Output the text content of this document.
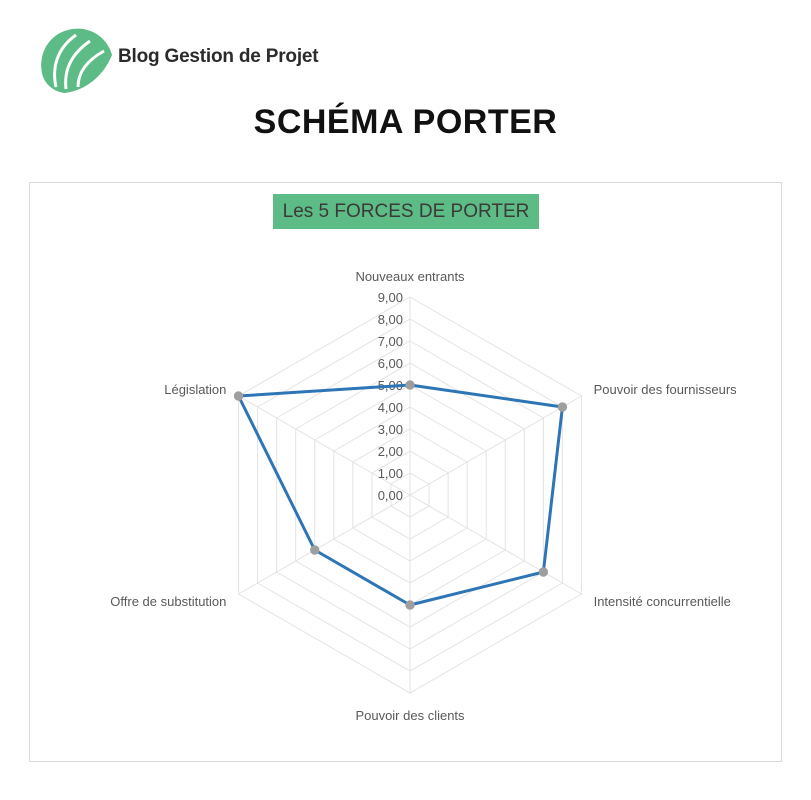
Blog Gestion de Projet
SCHÉMA PORTER
Les 5 FORCES DE PORTER
0,00
1,00
2,00
3,00
4,00
5,00
6,00
7,00
8,00
9,00
Nouveaux entrants
Pouvoir des fournisseurs
Intensité concurrentielle
Pouvoir des clients
Offre de substitution
Législation
